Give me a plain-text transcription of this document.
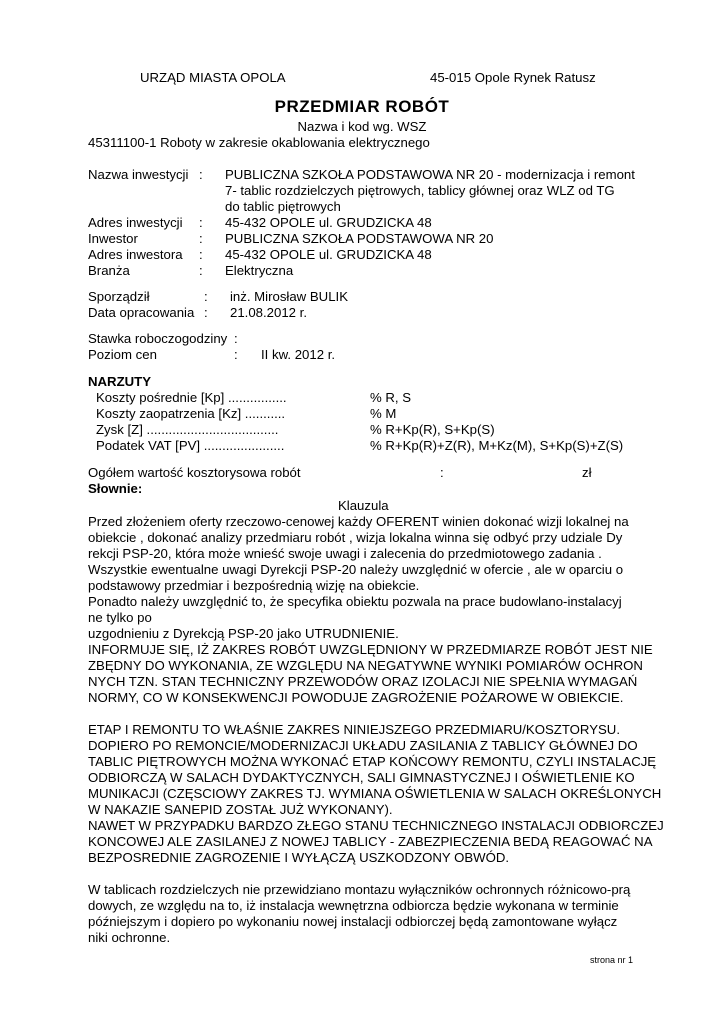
URZĄD MIASTA OPOLA	45-015 Opole Rynek Ratusz
PRZEDMIAR ROBÓT
Nazwa i kod wg. WSZ
45311100-1 Roboty w zakresie okablowania elektrycznego
Nazwa inwestycji : PUBLICZNA SZKOŁA PODSTAWOWA NR 20 - modernizacja i remont
7- tablic rozdzielczych piętrowych, tablicy głównej oraz WLZ od TG
do tablic piętrowych
Adres inwestycji : 45-432 OPOLE ul. GRUDZICKA 48
Inwestor	: PUBLICZNA SZKOŁA PODSTAWOWA NR 20
Adres inwestora : 45-432 OPOLE ul. GRUDZICKA 48
Branża	: Elektryczna
Sporządził	: inż. Mirosław BULIK
Data opracowania : 21.08.2012 r.
Stawka roboczogodziny :
Poziom cen	: II kw. 2012 r.
NARZUTY
Koszty pośrednie [Kp] ................	% R, S
Koszty zaopatrzenia [Kz] ...........	% M
Zysk [Z] ....................................	% R+Kp(R), S+Kp(S)
Podatek VAT [PV] ......................	% R+Kp(R)+Z(R), M+Kz(M), S+Kp(S)+Z(S)
Ogółem wartość kosztorysowa robót	:	zł
Słownie:
Klauzula
Przed złożeniem oferty rzeczowo-cenowej każdy OFERENT winien dokonać wizji lokalnej na
obiekcie , dokonać analizy przedmiaru robót , wizja lokalna winna się odbyć przy udziale Dy
rekcji PSP-20, która może wnieść swoje uwagi i zalecenia do przedmiotowego zadania .
Wszystkie ewentualne uwagi Dyrekcji PSP-20 należy uwzględnić w ofercie , ale w oparciu o
podstawowy przedmiar i bezpośrednią wizję na obiekcie.
Ponadto należy uwzględnić to, że specyfika obiektu pozwala na prace budowlano-instalacyj
ne tylko po
uzgodnieniu z Dyrekcją PSP-20 jako UTRUDNIENIE.
INFORMUJE SIĘ, IŻ ZAKRES ROBÓT UWZGLĘDNIONY W PRZEDMIARZE ROBÓT JEST NIE
ZBĘDNY DO WYKONANIA, ZE WZGLĘDU NA NEGATYWNE WYNIKI POMIARÓW OCHRON
NYCH TZN. STAN TECHNICZNY PRZEWODÓW ORAZ IZOLACJI NIE SPEŁNIA WYMAGAŃ
NORMY, CO W KONSEKWENCJI POWODUJE ZAGROŻENIE POŻAROWE W OBIEKCIE.
ETAP I REMONTU TO WŁAŚNIE ZAKRES NINIEJSZEGO PRZEDMIARU/KOSZTORYSU.
DOPIERO PO REMONCIE/MODERNIZACJI UKŁADU ZASILANIA Z TABLICY GŁÓWNEJ DO
TABLIC PIĘTROWYCH MOŻNA WYKONAĆ ETAP KOŃCOWY REMONTU, CZYLI INSTALACJĘ
ODBIORCZĄ W SALACH DYDAKTYCZNYCH, SALI GIMNASTYCZNEJ I OŚWIETLENIE KO
MUNIKACJI (CZĘSCIOWY ZAKRES TJ. WYMIANA OŚWIETLENIA W SALACH OKREŚLONYCH
W NAKAZIE SANEPID ZOSTAŁ JUŻ WYKONANY).
NAWET W PRZYPADKU BARDZO ZŁEGO STANU TECHNICZNEGO INSTALACJI ODBIORCZEJ
KONCOWEJ ALE ZASILANEJ Z NOWEJ TABLICY - ZABEZPIECZENIA BEDĄ REAGOWAĆ NA
BEZPOSREDNIE ZAGROZENIE I WYŁĄCZĄ USZKODZONY OBWÓD.
W tablicach rozdzielczych nie przewidziano montazu wyłączników ochronnych różnicowo-prą
dowych, ze względu na to, iż instalacja wewnętrzna odbiorcza będzie wykonana w terminie
późniejszym i dopiero po wykonaniu nowej instalacji odbiorczej będą zamontowane wyłącz
niki ochronne.
strona nr 1
